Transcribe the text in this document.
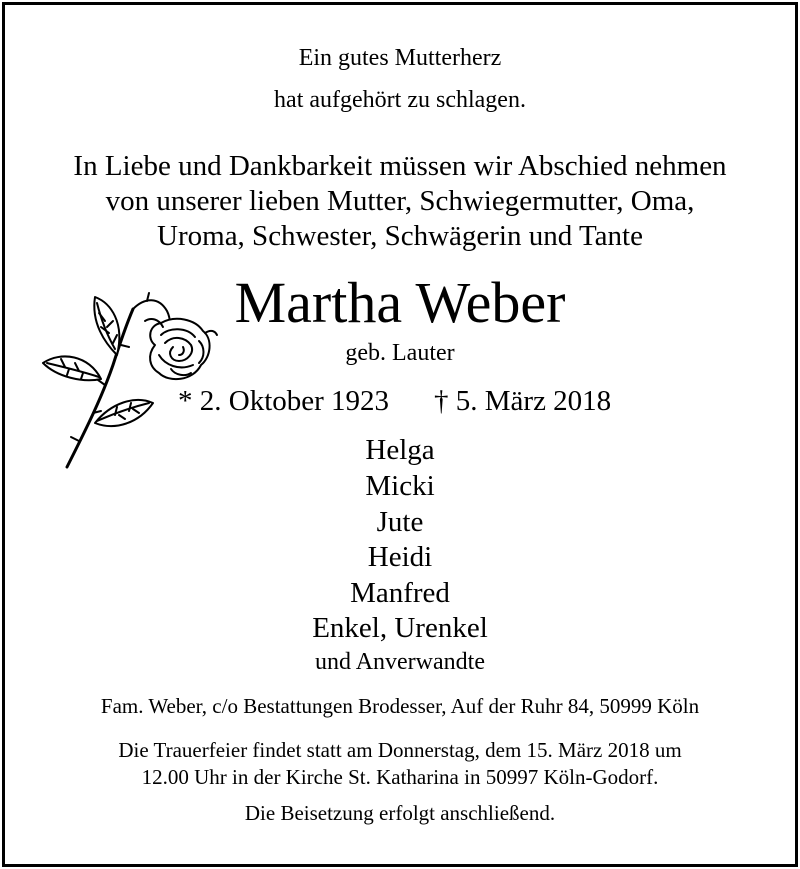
Ein gutes Mutterherz
hat aufgehört zu schlagen.
In Liebe und Dankbarkeit müssen wir Abschied nehmen
von unserer lieben Mutter, Schwiegermutter, Oma,
Uroma, Schwester, Schwägerin und Tante
Martha Weber
geb. Lauter
* 2. Oktober 1923 † 5. März 2018
Helga
Micki
Jute
Heidi
Manfred
Enkel, Urenkel
und Anverwandte
Fam. Weber, c/o Bestattungen Brodesser, Auf der Ruhr 84, 50999 Köln
Die Trauerfeier findet statt am Donnerstag, dem 15. März 2018 um
12.00 Uhr in der Kirche St. Katharina in 50997 Köln-Godorf.
Die Beisetzung erfolgt anschließend.
